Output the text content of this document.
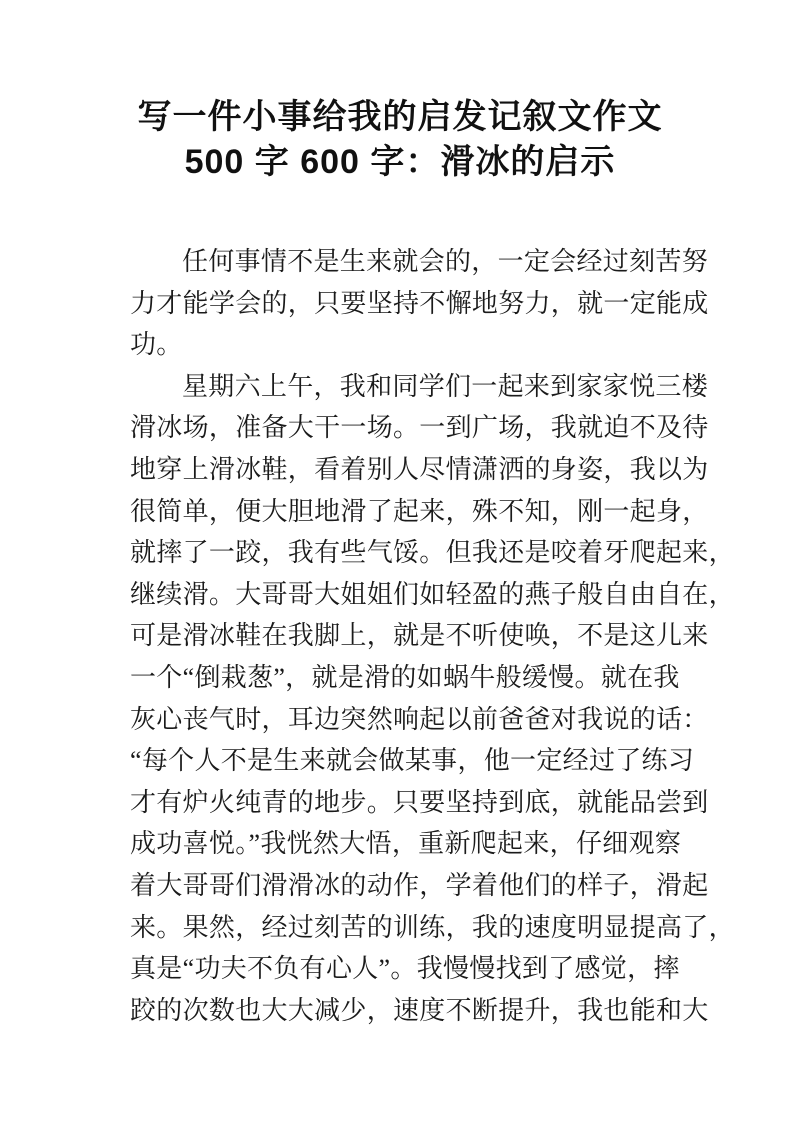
写一件小事给我的启发记叙文作文
500 字 600 字：滑冰的启示
任何事情不是生来就会的，一定会经过刻苦努
力才能学会的，只要坚持不懈地努力，就一定能成
功。
星期六上午，我和同学们一起来到家家悦三楼
滑冰场，准备大干一场。一到广场，我就迫不及待
地穿上滑冰鞋，看着别人尽情潇洒的身姿，我以为
很简单，便大胆地滑了起来，殊不知，刚一起身，
就摔了一跤，我有些气馁。但我还是咬着牙爬起来，
继续滑。大哥哥大姐姐们如轻盈的燕子般自由自在，
可是滑冰鞋在我脚上，就是不听使唤，不是这儿来
一个“倒栽葱”，就是滑的如蜗牛般缓慢。就在我
灰心丧气时，耳边突然响起以前爸爸对我说的话：
“每个人不是生来就会做某事，他一定经过了练习
才有炉火纯青的地步。只要坚持到底，就能品尝到
成功喜悦。”我恍然大悟，重新爬起来，仔细观察
着大哥哥们滑滑冰的动作，学着他们的样子，滑起
来。果然，经过刻苦的训练，我的速度明显提高了，
真是“功夫不负有心人”。我慢慢找到了感觉，摔
跤的次数也大大减少，速度不断提升，我也能和大
